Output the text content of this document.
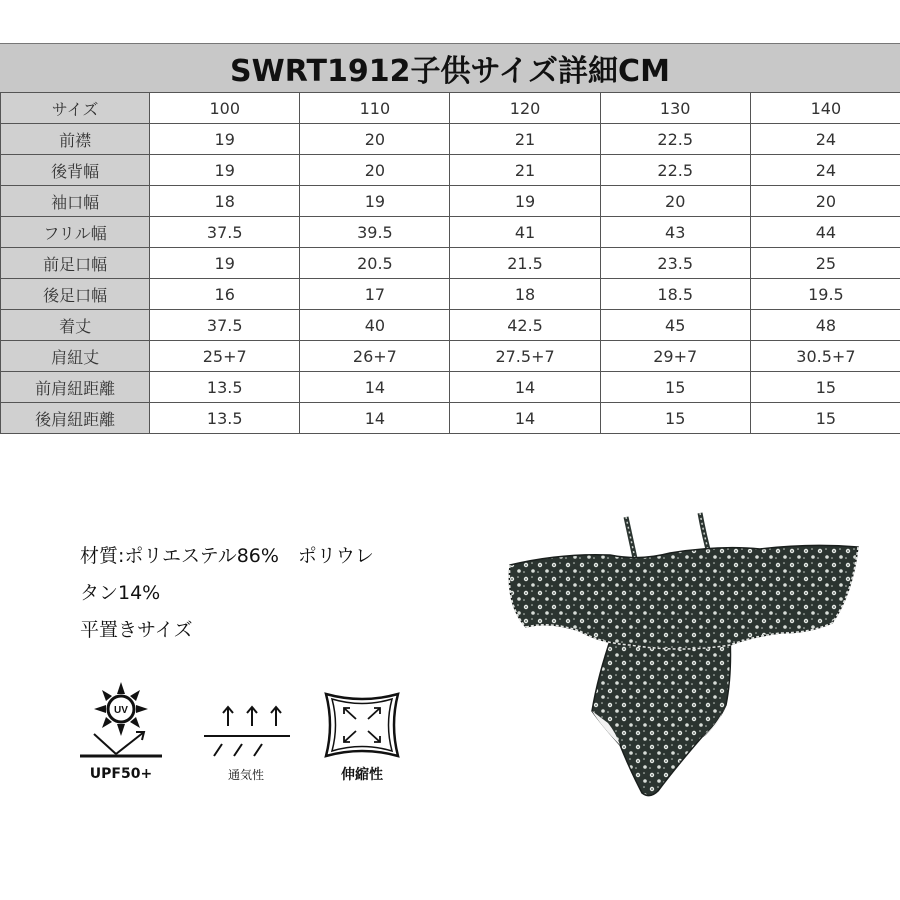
SWRT1912子供サイズ詳細CM
サイズ	100	110	120	130	140
前襟	19	20	21	22.5	24
後背幅	19	20	21	22.5	24
袖口幅	18	19	19	20	20
フリル幅	37.5	39.5	41	43	44
前足口幅	19	20.5	21.5	23.5	25
後足口幅	16	17	18	18.5	19.5
着丈	37.5	40	42.5	45	48
肩紐丈	25+7	26+7	27.5+7	29+7	30.5+7
前肩紐距離	13.5	14	14	15	15
後肩紐距離	13.5	14	14	15	15
材質:ポリエステル86%　ポリウレ
タン14%
平置きサイズ
UV
UPF50+	通気性	伸縮性
